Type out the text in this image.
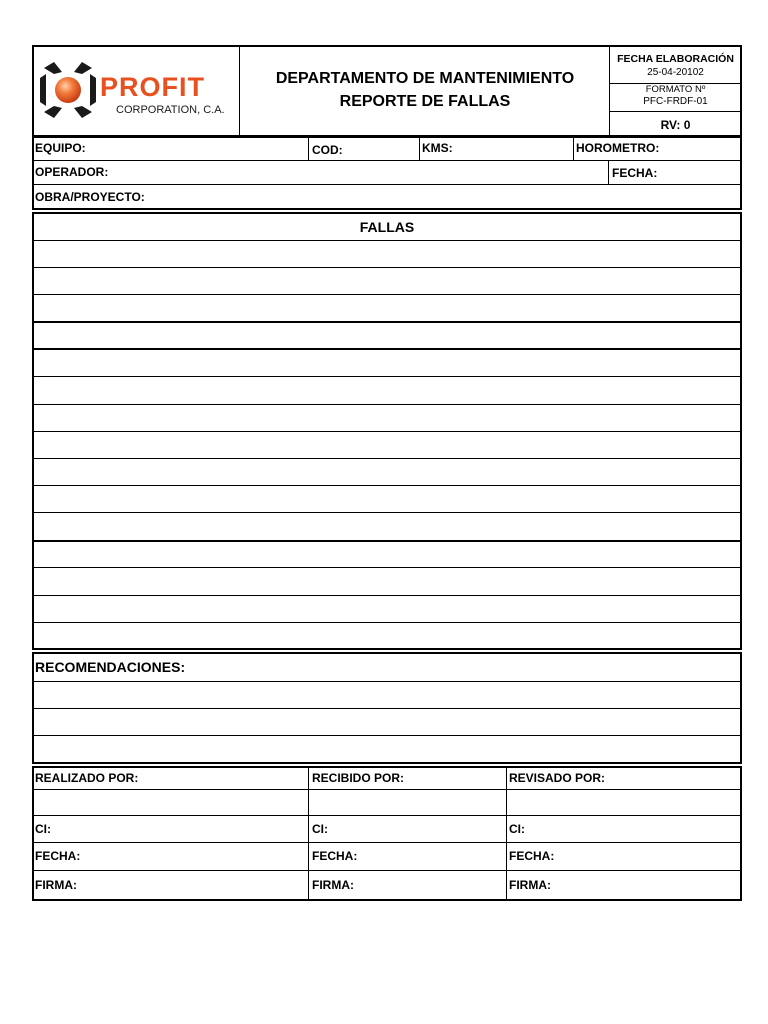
PROFIT
CORPORATION, C.A.
DEPARTAMENTO DE MANTENIMIENTO
REPORTE DE FALLAS
FECHA ELABORACIÓN
25-04-20102
FORMATO Nº
PFC-FRDF-01
RV: 0
EQUIPO:	COD:	KMS:	HOROMETRO:
OPERADOR:	FECHA:
OBRA/PROYECTO:
FALLAS
RECOMENDACIONES:
REALIZADO POR:	RECIBIDO POR:	REVISADO POR:
CI:	CI:	CI:
FECHA:	FECHA:	FECHA:
FIRMA:	FIRMA:	FIRMA:
